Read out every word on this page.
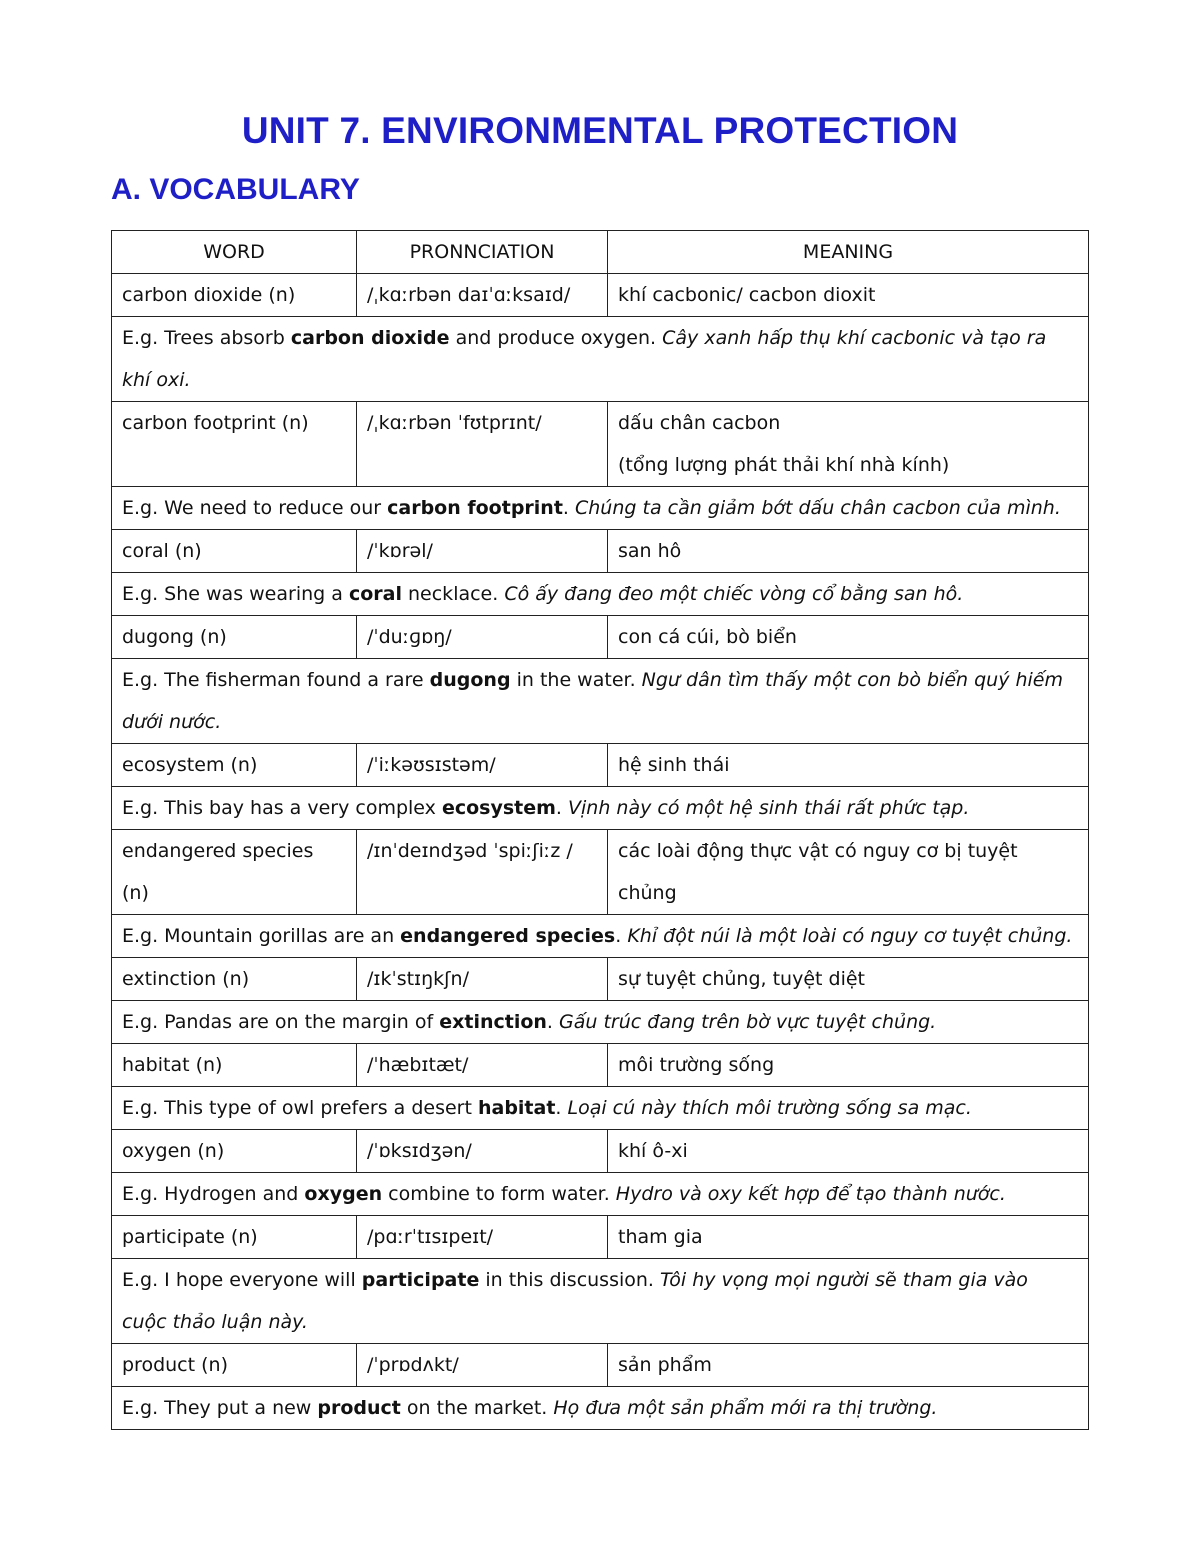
UNIT 7. ENVIRONMENTAL PROTECTION
A. VOCABULARY
WORD	PRONNCIATION	MEANING
carbon dioxide (n)	/ˌkɑːrbən daɪˈɑːksaɪd/	khí cacbonic/ cacbon dioxit

E.g. Trees absorb carbon dioxide and produce oxygen. Cây xanh hấp thụ khí cacbonic và tạo ra khí oxi.		
carbon footprint (n)	/ˌkɑːrbən ˈfʊtprɪnt/	dấu chân cacbon
(tổng lượng phát thải khí nhà kính)

E.g. We need to reduce our carbon footprint. Chúng ta cần giảm bớt dấu chân cacbon của mình.		
coral (n)	/ˈkɒrəl/	san hô

E.g. She was wearing a coral necklace. Cô ấy đang đeo một chiếc vòng cổ bằng san hô.		
dugong (n)	/ˈduːɡɒŋ/	con cá cúi, bò biển

E.g. The fisherman found a rare dugong in the water. Ngư dân tìm thấy một con bò biển quý hiếm dưới nước.		
ecosystem (n)	/ˈiːkəʊsɪstəm/	hệ sinh thái

E.g. This bay has a very complex ecosystem. Vịnh này có một hệ sinh thái rất phức tạp.		
endangered species (n)	/ɪnˈdeɪndʒəd ˈspiːʃiːz /	các loài động thực vật có nguy cơ bị tuyệt chủng

E.g. Mountain gorillas are an endangered species. Khỉ đột núi là một loài có nguy cơ tuyệt chủng.		
extinction (n)	/ɪkˈstɪŋkʃn/	sự tuyệt chủng, tuyệt diệt

E.g. Pandas are on the margin of extinction. Gấu trúc đang trên bờ vực tuyệt chủng.		
habitat (n)	/ˈhæbɪtæt/	môi trường sống

E.g. This type of owl prefers a desert habitat. Loại cú này thích môi trường sống sa mạc.		
oxygen (n)	/ˈɒksɪdʒən/	khí ô-xi

E.g. Hydrogen and oxygen combine to form water. Hydro và oxy kết hợp để tạo thành nước.		
participate (n)	/pɑːrˈtɪsɪpeɪt/	tham gia

E.g. I hope everyone will participate in this discussion. Tôi hy vọng mọi người sẽ tham gia vào cuộc thảo luận này.		
product (n)	/ˈprɒdʌkt/	sản phẩm

E.g. They put a new product on the market. Họ đưa một sản phẩm mới ra thị trường.		
